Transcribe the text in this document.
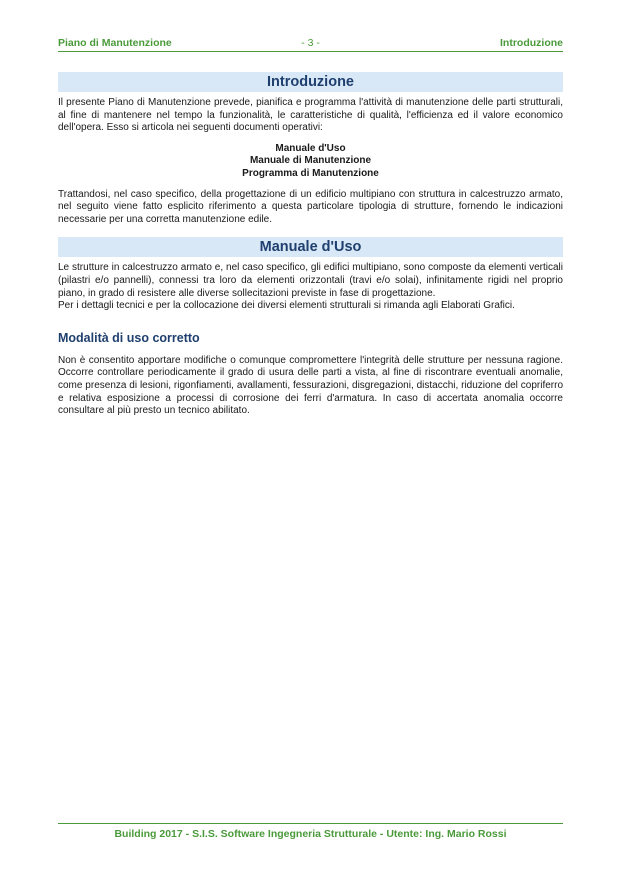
Piano di Manutenzione	- 3 -	Introduzione
Introduzione

Il presente Piano di Manutenzione prevede, pianifica e programma l'attività di manutenzione delle parti strutturali, al fine di mantenere nel tempo la funzionalità, le caratteristiche di qualità, l'efficienza ed il valore economico dell'opera. Esso si articola nei seguenti documenti operativi:

Manuale d'Uso
Manuale di Manutenzione
Programma di Manutenzione

Trattandosi, nel caso specifico, della progettazione di un edificio multipiano con struttura in calcestruzzo armato, nel seguito viene fatto esplicito riferimento a questa particolare tipologia di strutture, fornendo le indicazioni necessarie per una corretta manutenzione edile.

Manuale d'Uso

Le strutture in calcestruzzo armato e, nel caso specifico, gli edifici multipiano, sono composte da elementi verticali (pilastri e/o pannelli), connessi tra loro da elementi orizzontali (travi e/o solai), infinitamente rigidi nel proprio piano, in grado di resistere alle diverse sollecitazioni previste in fase di progettazione.

Per i dettagli tecnici e per la collocazione dei diversi elementi strutturali si rimanda agli Elaborati Grafici.

Modalità di uso corretto

Non è consentito apportare modifiche o comunque compromettere l'integrità delle strutture per nessuna ragione. Occorre controllare periodicamente il grado di usura delle parti a vista, al fine di riscontrare eventuali anomalie, come presenza di lesioni, rigonfiamenti, avallamenti, fessurazioni, disgregazioni, distacchi, riduzione del copriferro e relativa esposizione a processi di corrosione dei ferri d'armatura. In caso di accertata anomalia occorre consultare al più presto un tecnico abilitato.

Building 2017 - S.I.S. Software Ingegneria Strutturale - Utente: Ing. Mario Rossi
